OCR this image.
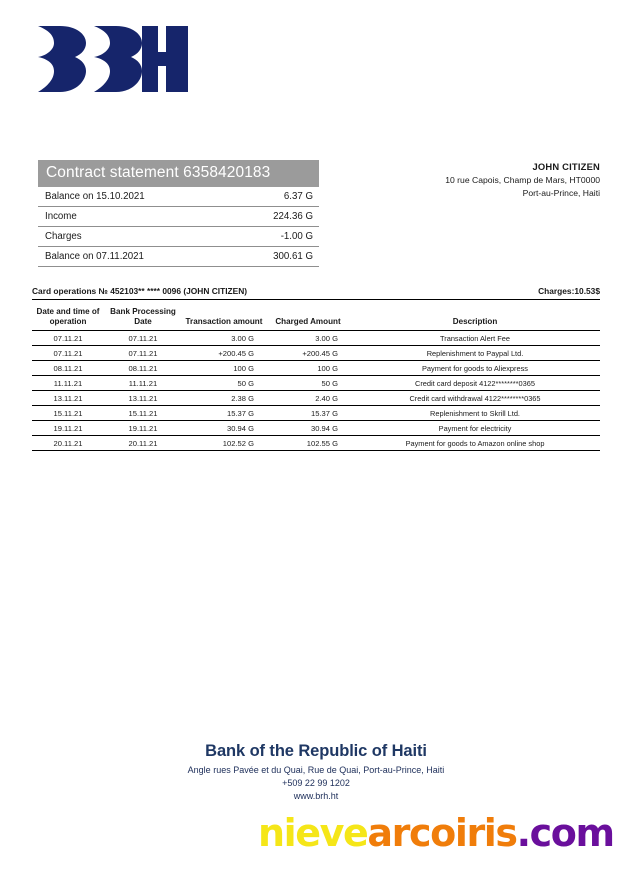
Contract statement 6358420183
Balance on 15.10.2021	6.37 G
Income	224.36 G
Charges	-1.00 G
Balance on 07.11.2021	300.61 G
JOHN CITIZEN
10 rue Capois, Champ de Mars, HT0000 Port-au-Prince, Haiti
Card operations № 452103** **** 0096 (JOHN CITIZEN)	Charges:10.53$
Date and time of operation	Bank Processing Date	Transaction amount	Charged Amount	Description
07.11.21	07.11.21	3.00 G	3.00 G	Transaction Alert Fee
07.11.21	07.11.21	+200.45 G	+200.45 G	Replenishment to Paypal Ltd.
08.11.21	08.11.21	100 G	100 G	Payment for goods to Aliexpress
11.11.21	11.11.21	50 G	50 G	Credit card deposit 4122********0365
13.11.21	13.11.21	2.38 G	2.40 G	Credit card withdrawal 4122********0365
15.11.21	15.11.21	15.37 G	15.37 G	Replenishment to Skrill Ltd.
19.11.21	19.11.21	30.94 G	30.94 G	Payment for electricity
20.11.21	20.11.21	102.52 G	102.55 G	Payment for goods to Amazon online shop
Bank of the Republic of Haiti
Angle rues Pavée et du Quai, Rue de Quai, Port-au-Prince, Haiti
+509 22 99 1202
www.brh.ht
nievearcoiris.com
